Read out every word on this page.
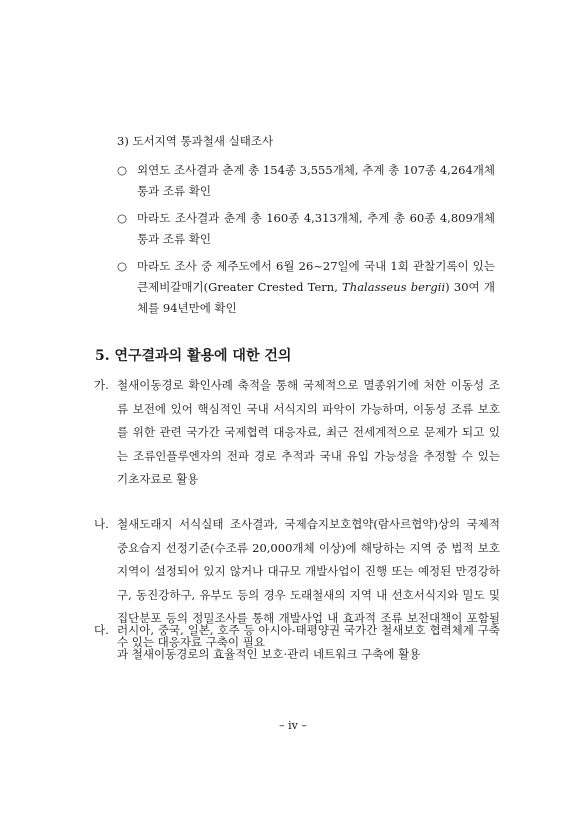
3) 도서지역 통과철새 실태조사
○ 외연도 조사결과 춘계 총 154종 3,555개체, 추계 총 107종 4,264개체 통과 조류 확인
○ 마라도 조사결과 춘계 총 160종 4,313개체, 추계 총 60종 4,809개체 통과 조류 확인
○ 마라도 조사 중 제주도에서 6월 26~27일에 국내 1회 관찰기록이 있는 큰제비갈매기(Greater Crested Tern, Thalasseus bergii) 30여 개체를 94년만에 확인
5. 연구결과의 활용에 대한 건의
가. 철새이동경로 확인사례 축적을 통해 국제적으로 멸종위기에 처한 이동성 조류 보전에 있어 핵심적인 국내 서식지의 파악이 가능하며, 이동성 조류 보호를 위한 관련 국가간 국제협력 대응자료, 최근 전세계적으로 문제가 되고 있는 조류인플루엔자의 전파 경로 추적과 국내 유입 가능성을 추정할 수 있는 기초자료로 활용
나. 철새도래지 서식실태 조사결과, 국제습지보호협약(람사르협약)상의 국제적 중요습지 선정기준(수조류 20,000개체 이상)에 해당하는 지역 중 법적 보호지역이 설정되어 있지 않거나 대규모 개발사업이 진행 또는 예정된 만경강하구, 동진강하구, 유부도 등의 경우 도래철새의 지역 내 선호서식지와 밀도 및 집단분포 등의 정밀조사를 통해 개발사업 내 효과적 조류 보전대책이 포함될 수 있는 대응자료 구축이 필요
다. 러시아, 중국, 일본, 호주 등 아시아-태평양권 국가간 철새보호 협력체계 구축과 철새이동경로의 효율적인 보호·관리 네트워크 구축에 활용
– iv –
